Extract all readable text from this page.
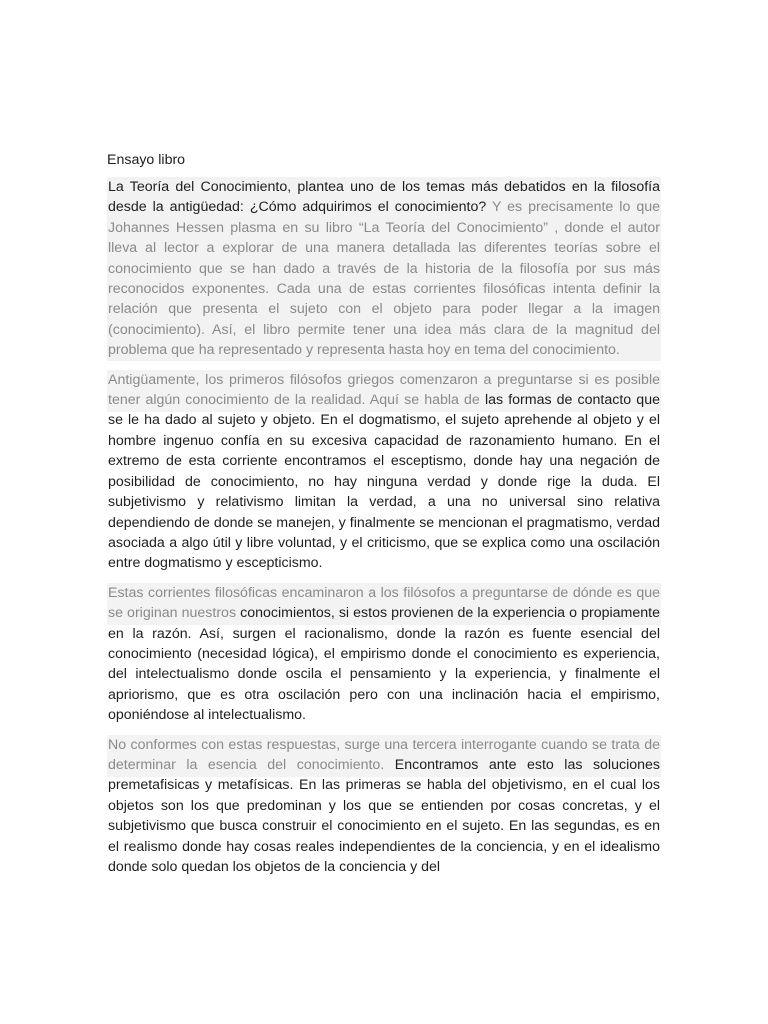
Ensayo libro

La Teoría del Conocimiento, plantea uno de los temas más debatidos en la filosofía desde la antigüedad: ¿Cómo adquirimos el conocimiento? Y es precisamente lo que Johannes Hessen plasma en su libro “La Teoría del Conocimiento” , donde el autor lleva al lector a explorar de una manera detallada las diferentes teorías sobre el conocimiento que se han dado a través de la historia de la filosofía por sus más reconocidos exponentes. Cada una de estas corrientes filosóficas intenta definir la relación que presenta el sujeto con el objeto para poder llegar a la imagen (conocimiento). Así, el libro permite tener una idea más clara de la magnitud del problema que ha representado y representa hasta hoy en tema del conocimiento.

Antigüamente, los primeros filósofos griegos comenzaron a preguntarse si es posible tener algún conocimiento de la realidad. Aquí se habla de las formas de contacto que se le ha dado al sujeto y objeto. En el dogmatismo, el sujeto aprehende al objeto y el hombre ingenuo confía en su excesiva capacidad de razonamiento humano. En el extremo de esta corriente encontramos el esceptismo, donde hay una negación de posibilidad de conocimiento, no hay ninguna verdad y donde rige la duda. El subjetivismo y relativismo limitan la verdad, a una no universal sino relativa dependiendo de donde se manejen, y finalmente se mencionan el pragmatismo, verdad asociada a algo útil y libre voluntad, y el criticismo, que se explica como una oscilación entre dogmatismo y escepticismo.

Estas corrientes filosóficas encaminaron a los filósofos a preguntarse de dónde es que se originan nuestros conocimientos, si estos provienen de la experiencia o propiamente en la razón. Así, surgen el racionalismo, donde la razón es fuente esencial del conocimiento (necesidad lógica), el empirismo donde el conocimiento es experiencia, del intelectualismo donde oscila el pensamiento y la experiencia, y finalmente el apriorismo, que es otra oscilación pero con una inclinación hacia el empirismo, oponiéndose al intelectualismo.

No conformes con estas respuestas, surge una tercera interrogante cuando se trata de determinar la esencia del conocimiento. Encontramos ante esto las soluciones premetafisicas y metafísicas. En las primeras se habla del objetivismo, en el cual los objetos son los que predominan y los que se entienden por cosas concretas, y el subjetivismo que busca construir el conocimiento en el sujeto. En las segundas, es en el realismo donde hay cosas reales independientes de la conciencia, y en el idealismo donde solo quedan los objetos de la conciencia y del
